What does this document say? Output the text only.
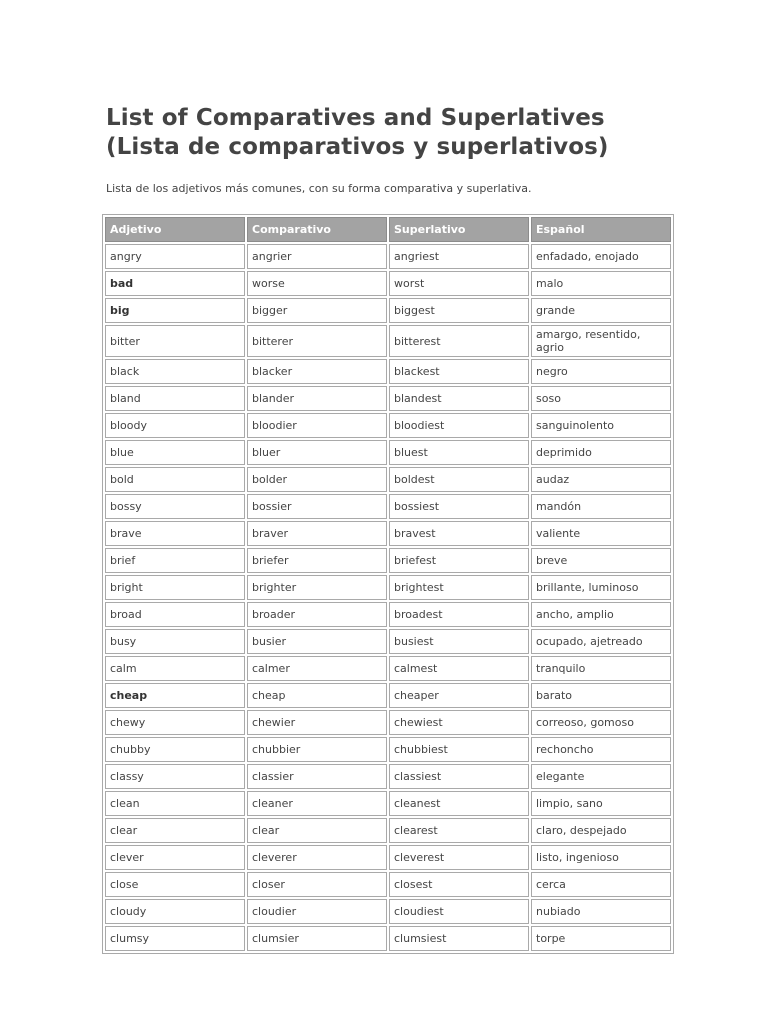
List of Comparatives and Superlatives
(Lista de comparativos y superlativos)

Lista de los adjetivos más comunes, con su forma comparativa y superlativa.

Adjetivo	Comparativo	Superlativo	Español
angry	angrier	angriest	enfadado, enojado
bad	worse	worst	malo
big	bigger	biggest	grande
bitter	bitterer	bitterest	amargo, resentido, agrio
black	blacker	blackest	negro
bland	blander	blandest	soso
bloody	bloodier	bloodiest	sanguinolento
blue	bluer	bluest	deprimido
bold	bolder	boldest	audaz
bossy	bossier	bossiest	mandón
brave	braver	bravest	valiente
brief	briefer	briefest	breve
bright	brighter	brightest	brillante, luminoso
broad	broader	broadest	ancho, amplio
busy	busier	busiest	ocupado, ajetreado
calm	calmer	calmest	tranquilo
cheap	cheap	cheaper	barato
chewy	chewier	chewiest	correoso, gomoso
chubby	chubbier	chubbiest	rechoncho
classy	classier	classiest	elegante
clean	cleaner	cleanest	limpio, sano
clear	clear	clearest	claro, despejado
clever	cleverer	cleverest	listo, ingenioso
close	closer	closest	cerca
cloudy	cloudier	cloudiest	nubiado
clumsy	clumsier	clumsiest	torpe
